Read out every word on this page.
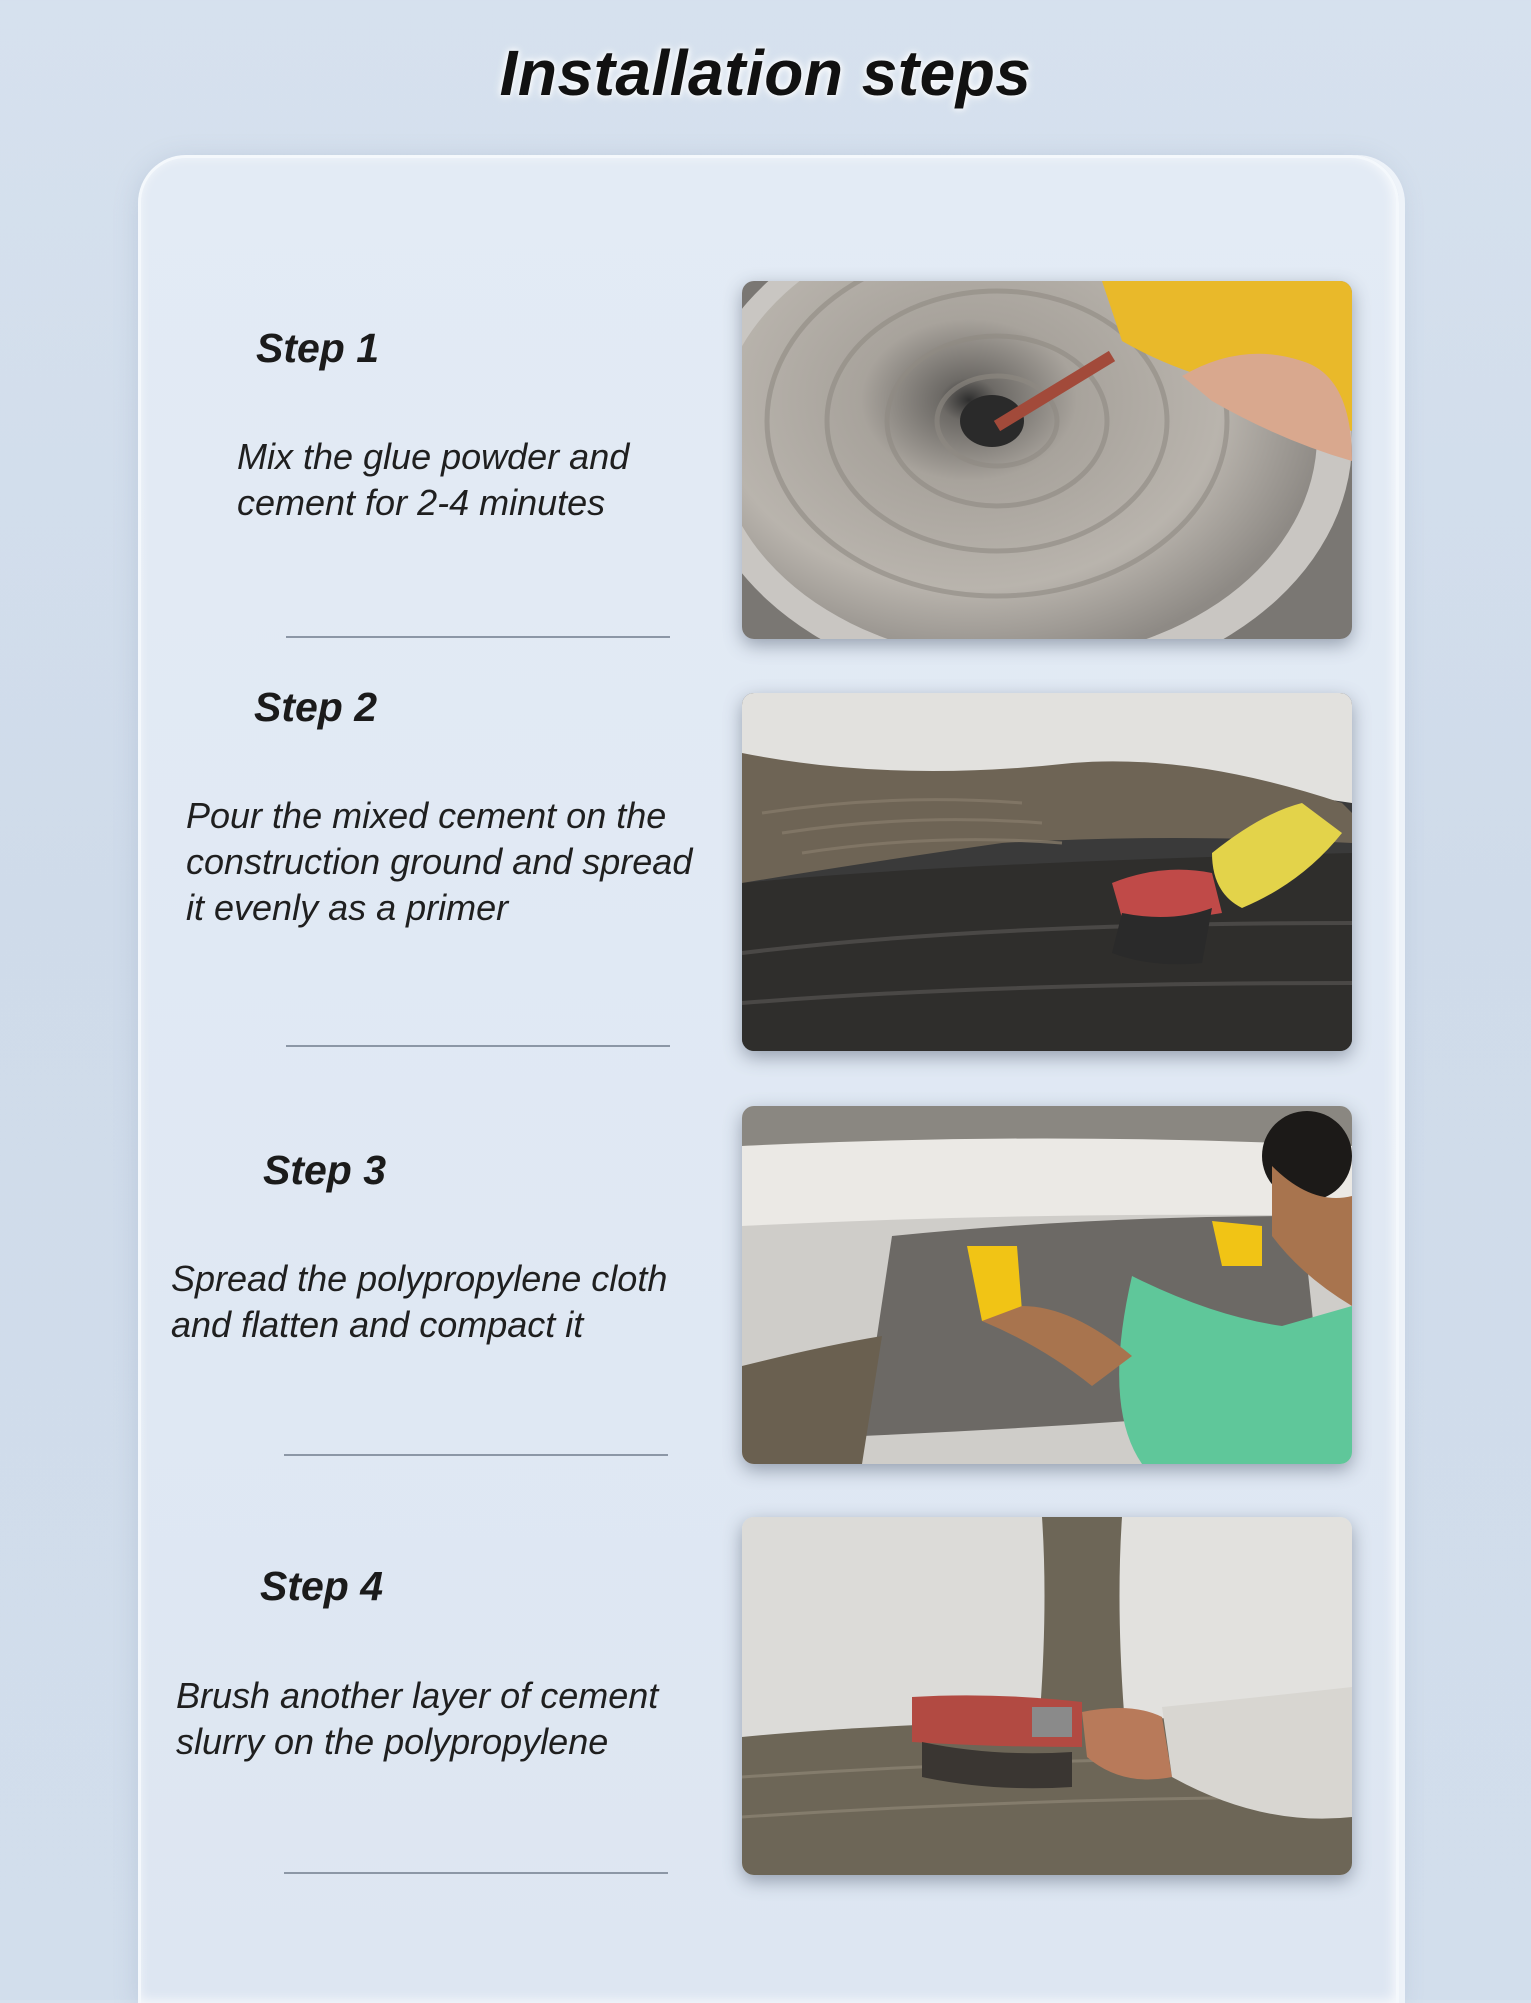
Installation steps
Step 1
Mix the glue powder and
cement for 2-4 minutes
Step 2
Pour the mixed cement on the
construction ground and spread
it evenly as a primer
Step 3
Spread the polypropylene cloth
and flatten and compact it
Step 4
Brush another layer of cement
slurry on the polypropylene
